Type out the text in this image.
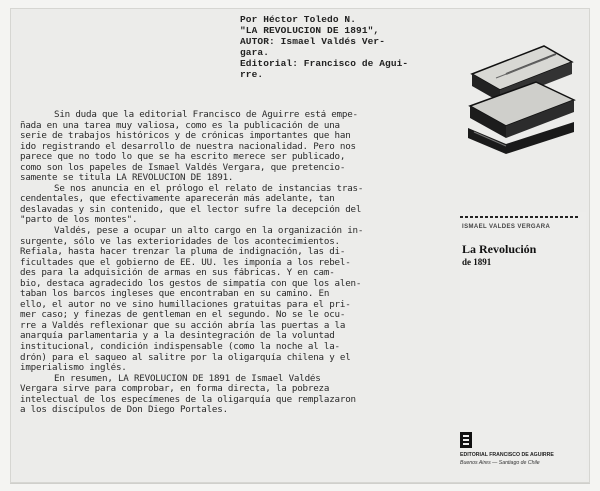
Por Héctor Toledo N.
"LA REVOLUCION DE 1891",
AUTOR: Ismael Valdés Ver-
gara.
Editorial: Francisco de Agui-
rre.
Sin duda que la editorial Francisco de Aguirre está empe-
ñada en una tarea muy valiosa, como es la publicación de una
serie de trabajos históricos y de crónicas importantes que han
ido registrando el desarrollo de nuestra nacionalidad. Pero nos
parece que no todo lo que se ha escrito merece ser publicado,
como son los papeles de Ismael Valdés Vergara, que pretencio-
samente se titula LA REVOLUCION DE 1891.
Se nos anuncia en el prólogo el relato de instancias tras-
cendentales, que efectivamente aparecerán más adelante, tan
deslavadas y sin contenido, que el lector sufre la decepción del
"parto de los montes".
Valdés, pese a ocupar un alto cargo en la organización in-
surgente, sólo ve las exterioridades de los acontecimientos.
Refiala, hasta hacer trenzar la pluma de indignación, las di-
ficultades que el gobierno de EE. UU. les imponía a los rebel-
des para la adquisición de armas en sus fábricas. Y en cam-
bio, destaca agradecido los gestos de simpatía con que los alen-
taban los barcos ingleses que encontraban en su camino. En
ello, el autor no ve sino humillaciones gratuitas para el pri-
mer caso; y finezas de gentleman en el segundo. No se le ocu-
rre a Valdés reflexionar que su acción abría las puertas a la
anarquía parlamentaria y a la desintegración de la voluntad
institucional, condición indispensable (como la noche al la-
drón) para el saqueo al salitre por la oligarquía chilena y el
imperialismo inglés.
En resumen, LA REVOLUCION DE 1891 de Ismael Valdés
Vergara sirve para comprobar, en forma directa, la pobreza
intelectual de los especímenes de la oligarquía que remplazaron
a los discípulos de Don Diego Portales.
ISMAEL VALDES VERGARA
La Revolución
de 1891
EDITORIAL FRANCISCO DE AGUIRRE
Buenos Aires — Santiago de Chile
